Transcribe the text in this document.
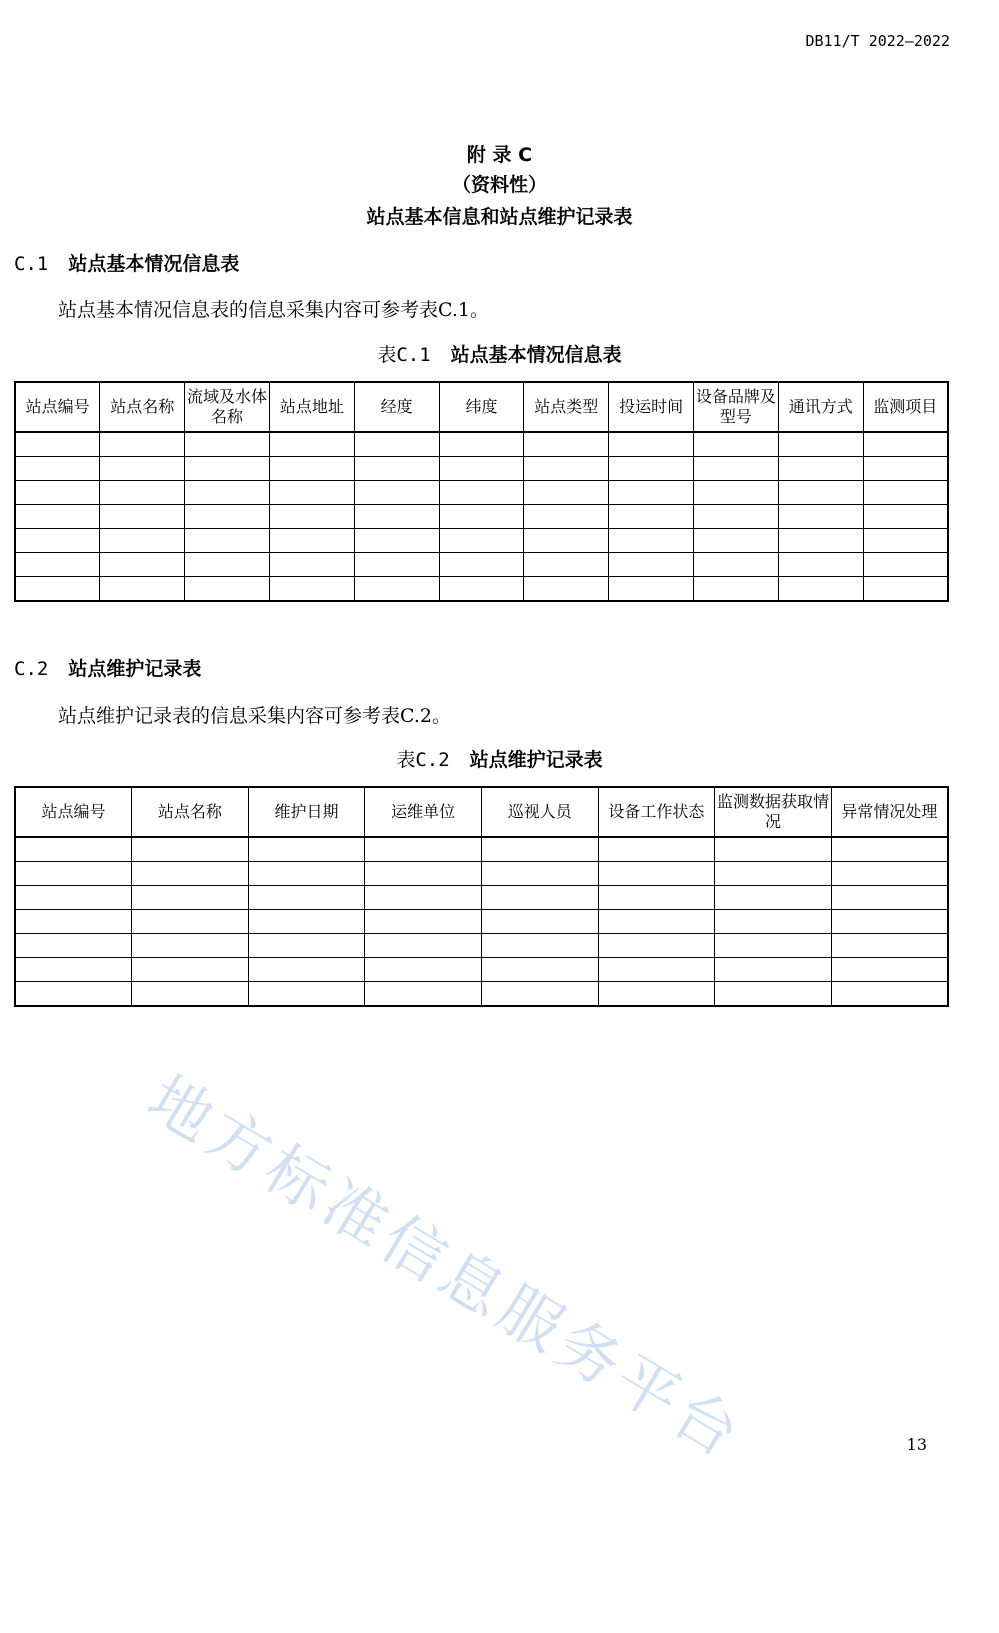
DB11/T 2022—2022
附 录 C
（资料性）
站点基本信息和站点维护记录表
C.1 站点基本情况信息表
站点基本情况信息表的信息采集内容可参考表C.1。
表C.1 站点基本情况信息表
站点编号	站点名称	流域及水体名称	站点地址	经度	纬度	站点类型	投运时间	设备品牌及型号	通讯方式	监测项目

C.2 站点维护记录表
站点维护记录表的信息采集内容可参考表C.2。
表C.2 站点维护记录表
站点编号	站点名称	维护日期	运维单位	巡视人员	设备工作状态	监测数据获取情况	异常情况处理

地方标准信息服务平台	13
